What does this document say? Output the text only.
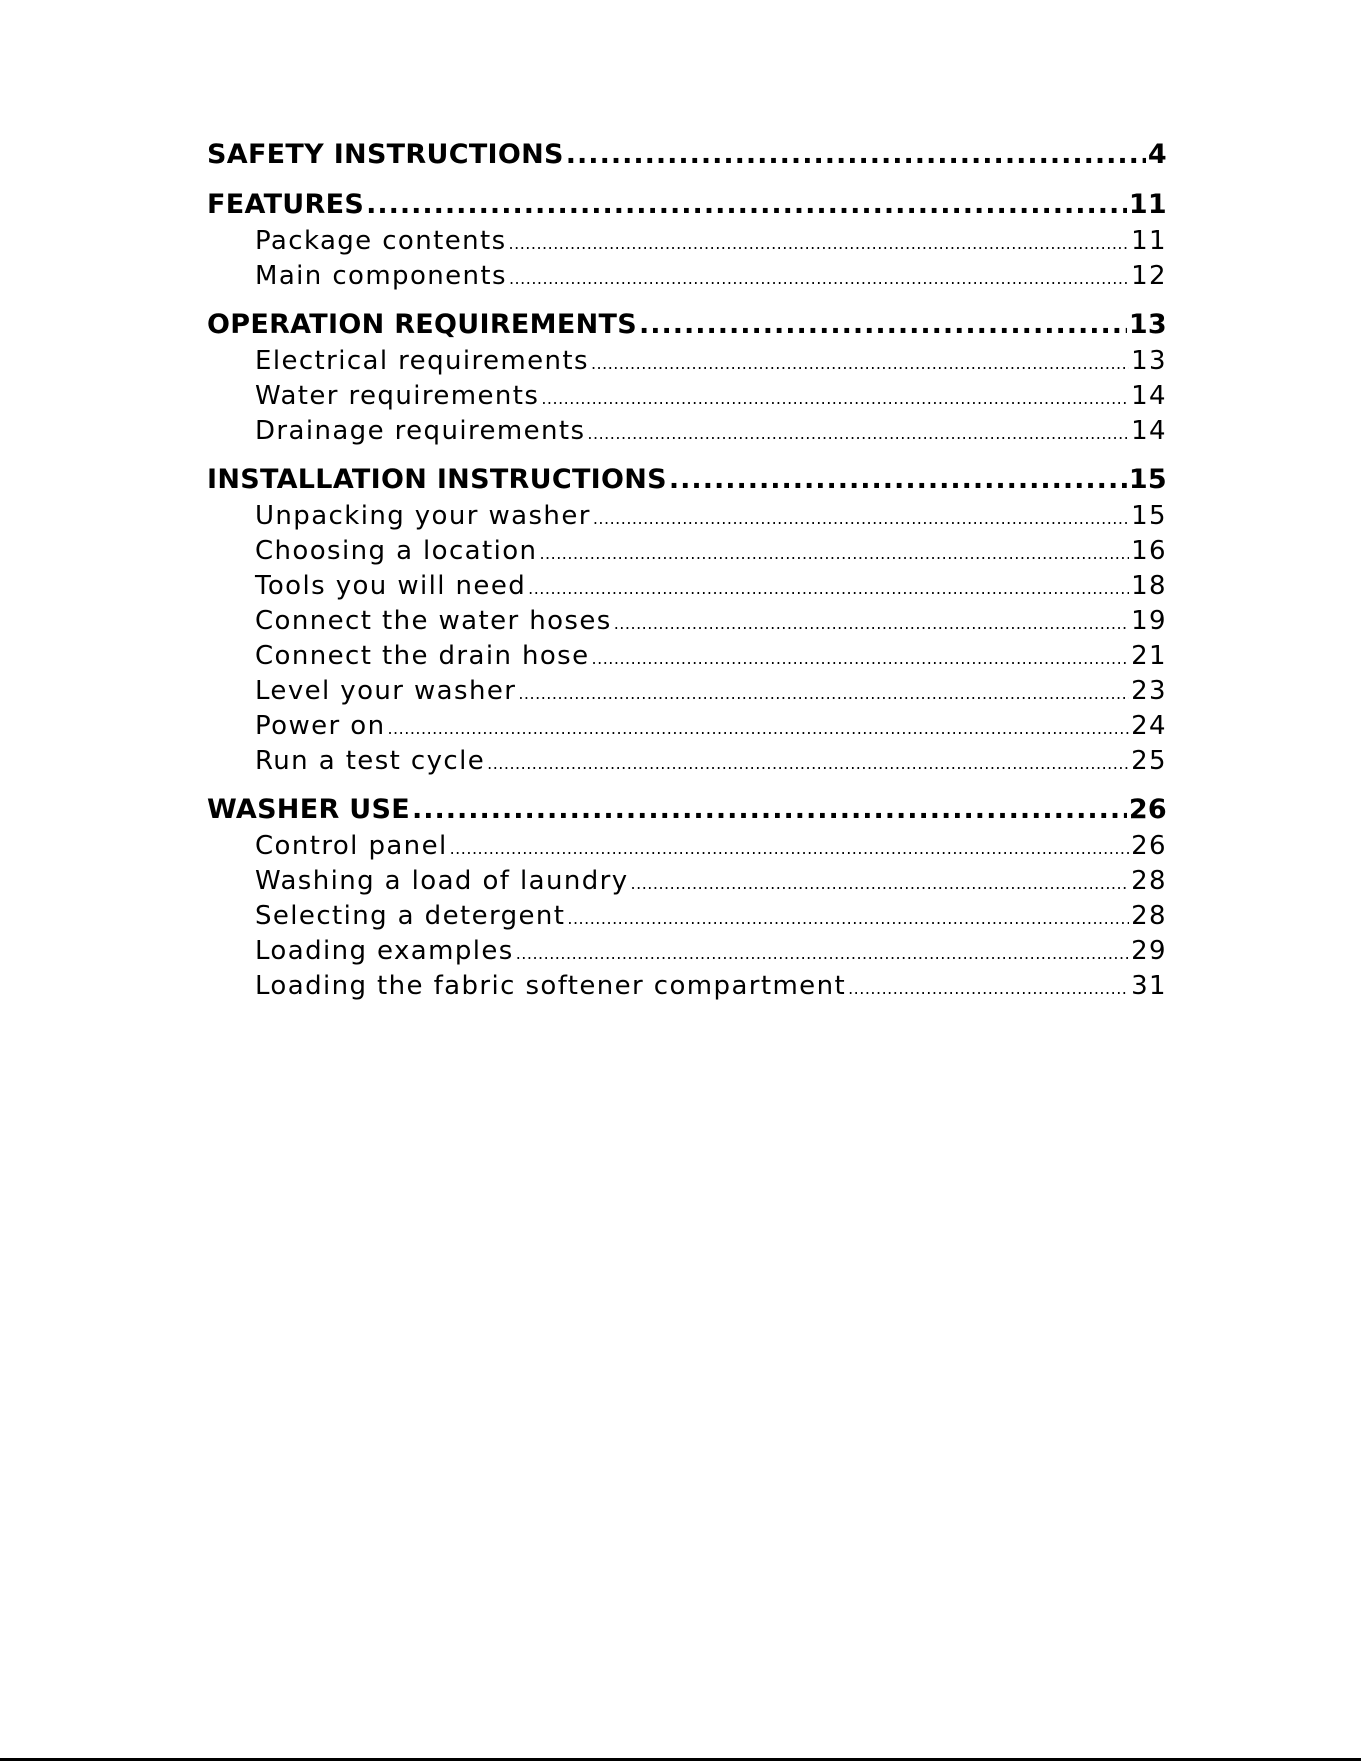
SAFETY INSTRUCTIONS .....	4
FEATURES .....	11
Package contents .....	11
Main components .....	12
OPERATION REQUIREMENTS .....	13
Electrical requirements .....	13
Water requirements .....	14
Drainage requirements .....	14
INSTALLATION INSTRUCTIONS .....	15
Unpacking your washer .....	15
Choosing a location .....	16
Tools you will need .....	18
Connect the water hoses .....	19
Connect the drain hose .....	21
Level your washer .....	23
Power on .....	24
Run a test cycle .....	25
WASHER USE .....	26
Control panel .....	26
Washing a load of laundry .....	28
Selecting a detergent .....	28
Loading examples .....	29
Loading the fabric softener compartment .....	31
